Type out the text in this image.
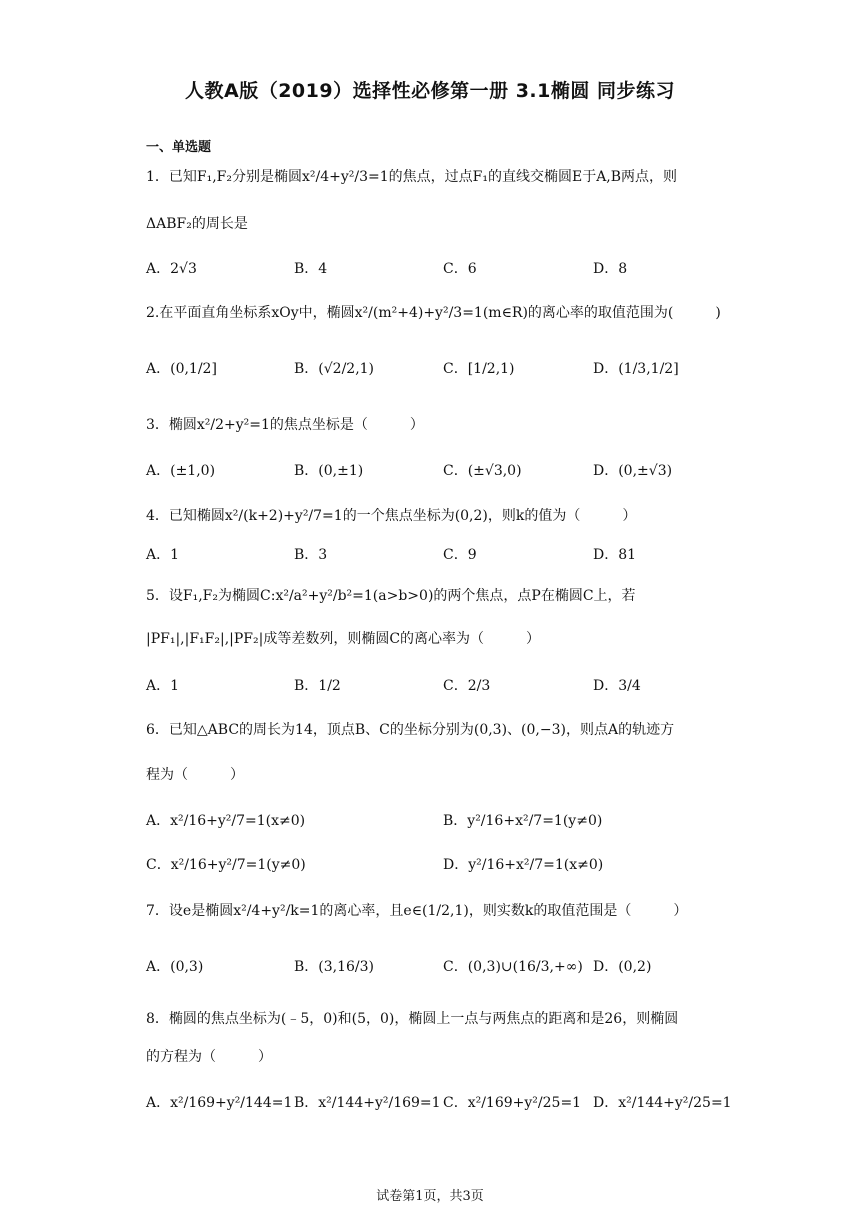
人教A版（2019）选择性必修第一册 3.1椭圆 同步练习
一、单选题
1．已知F₁,F₂分别是椭圆x²/4+y²/3=1的焦点，过点F₁的直线交椭圆E于A,B两点，则
ΔABF₂的周长是
A．2√3	B．4	C．6	D．8
2.在平面直角坐标系xOy中，椭圆x²/(m²+4)+y²/3=1(m∈R)的离心率的取值范围为(　　　)
A．(0,1/2]	B．(√2/2,1)	C．[1/2,1)	D．(1/3,1/2]
3．椭圆x²/2+y²=1的焦点坐标是（　　　）
A．(±1,0)	B．(0,±1)	C．(±√3,0)	D．(0,±√3)
4．已知椭圆x²/(k+2)+y²/7=1的一个焦点坐标为(0,2)，则k的值为（　　　）
A．1	B．3	C．9	D．81
5．设F₁,F₂为椭圆C:x²/a²+y²/b²=1(a>b>0)的两个焦点，点P在椭圆C上，若
|PF₁|,|F₁F₂|,|PF₂|成等差数列，则椭圆C的离心率为（　　　）
A．1	B．1/2	C．2/3	D．3/4
6．已知△ABC的周长为14，顶点B、C的坐标分别为(0,3)、(0,−3)，则点A的轨迹方
程为（　　　）
A．x²/16+y²/7=1(x≠0)	B．y²/16+x²/7=1(y≠0)
C．x²/16+y²/7=1(y≠0)	D．y²/16+x²/7=1(x≠0)
7．设e是椭圆x²/4+y²/k=1的离心率，且e∈(1/2,1)，则实数k的取值范围是（　　　）
A．(0,3)	B．(3,16/3)	C．(0,3)∪(16/3,+∞) D．(0,2)
8．椭圆的焦点坐标为(﹣5，0)和(5，0)，椭圆上一点与两焦点的距离和是26，则椭圆
的方程为（　　　）
A．x²/169+y²/144=1 B．x²/144+y²/169=1 C．x²/169+y²/25=1 D．x²/144+y²/25=1
试卷第1页，共3页
